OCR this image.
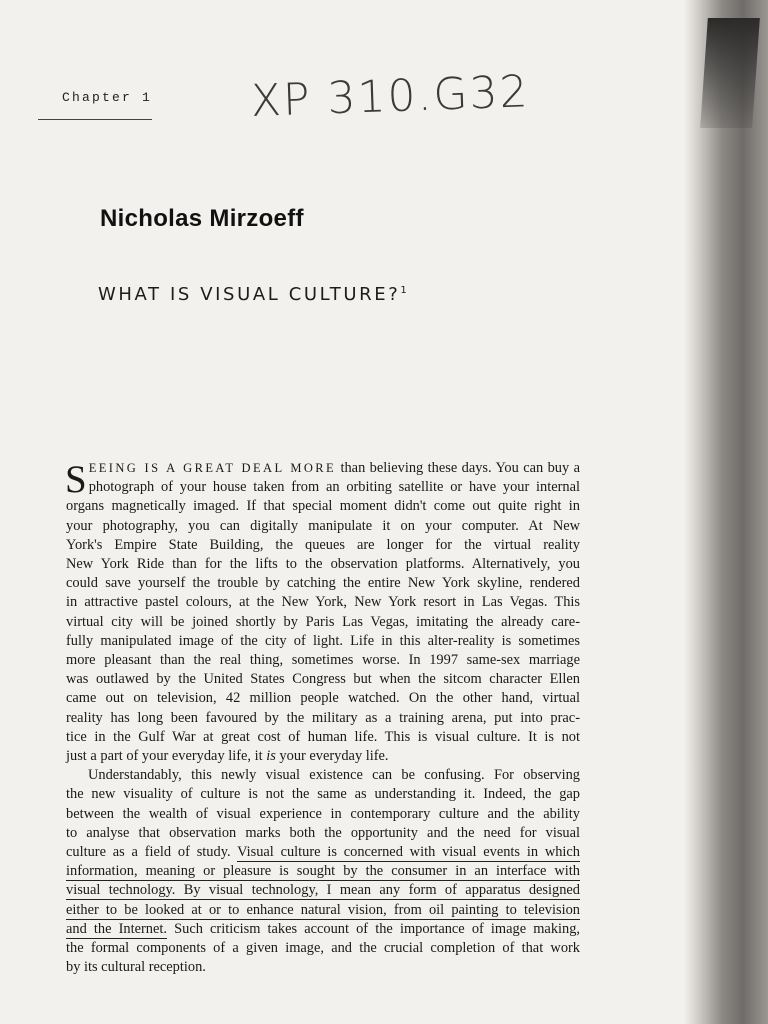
Chapter 1 XP 310.G32
Nicholas Mirzoeff
WHAT IS VISUAL CULTURE?$^1$
S EEING IS A GREAT DEAL MORE than believing these days. You can buy a
photograph of your house taken from an orbiting satellite or have your internal
organs magnetically imaged. If that special moment didn't come out quite right in
your photography, you can digitally manipulate it on your computer. At New
York's Empire State Building, the queues are longer for the virtual reality
New York Ride than for the lifts to the observation platforms. Alternatively, you
could save yourself the trouble by catching the entire New York skyline, rendered
in attractive pastel colours, at the New York, New York resort in Las Vegas. This
virtual city will be joined shortly by Paris Las Vegas, imitating the already care-
fully manipulated image of the city of light. Life in this alter-reality is sometimes
more pleasant than the real thing, sometimes worse. In 1997 same-sex marriage
was outlawed by the United States Congress but when the sitcom character Ellen
came out on television, 42 million people watched. On the other hand, virtual
reality has long been favoured by the military as a training arena, put into prac-
tice in the Gulf War at great cost of human life. This is visual culture. It is not
just a part of your everyday life, it is your everyday life.
Understandably, this newly visual existence can be confusing. For observing
the new visuality of culture is not the same as understanding it. Indeed, the gap
between the wealth of visual experience in contemporary culture and the ability
to analyse that observation marks both the opportunity and the need for visual
culture as a field of study. Visual culture is concerned with visual events in which
information, meaning or pleasure is sought by the consumer in an interface with
visual technology. By visual technology, I mean any form of apparatus designed
either to be looked at or to enhance natural vision, from oil painting to television
and the Internet. Such criticism takes account of the importance of image making,
the formal components of a given image, and the crucial completion of that work
by its cultural reception.
